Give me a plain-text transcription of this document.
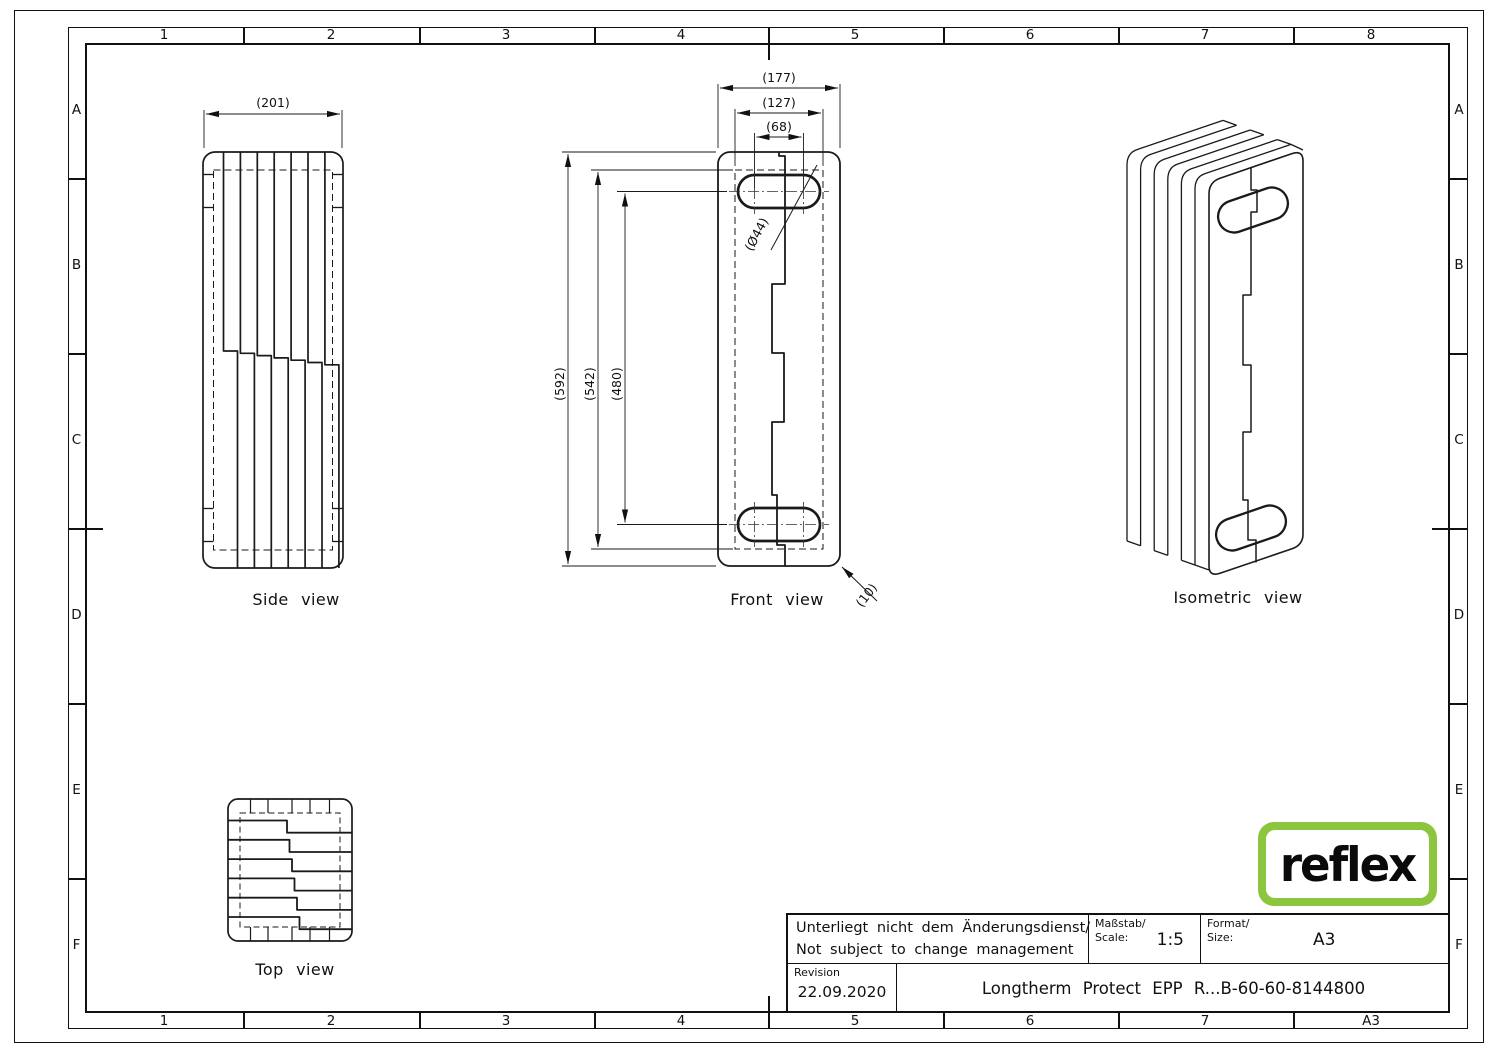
1
1
2
2
3
3
4
4
5
5
6
6
7
7
8
A3
A	A
B	B
C	C
D	D
E	E
F	F
(201)
Side view
(177)
(127)
(68)
(592) (542) (480)
(Ø44)
(10)
Front view	Isometric view
Top view
Unterliegt nicht dem Änderungsdienst/
Not subject to change management
Maßstab/
Scale:	1:5
Format/
Size:	A3
Revision
22.09.2020	Longtherm Protect EPP R...B-60-60-8144800
reflex
